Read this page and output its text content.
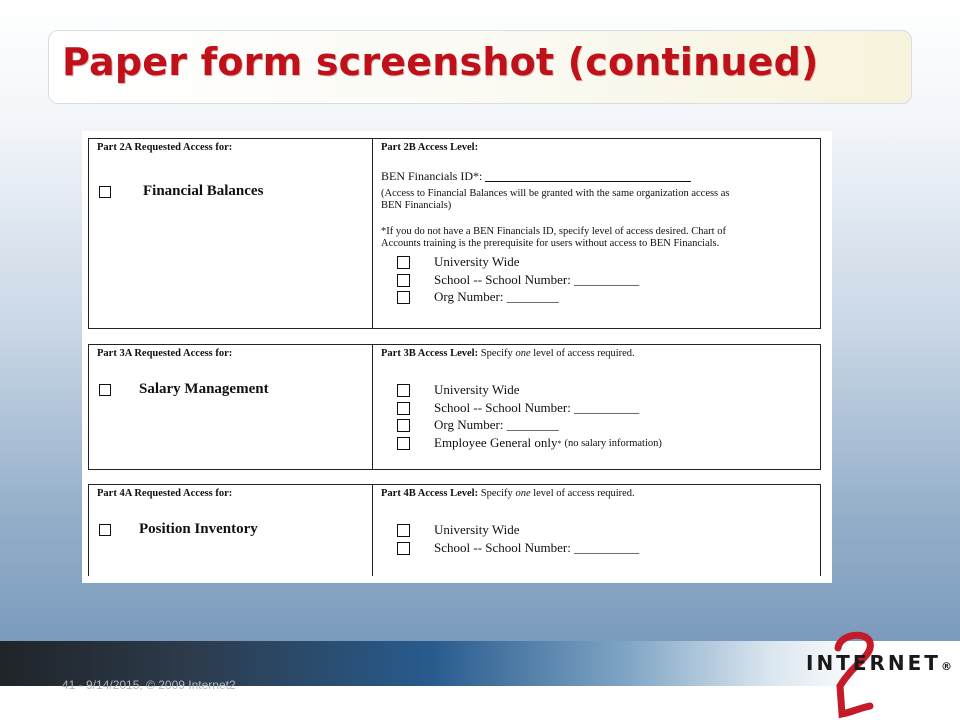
Paper form screenshot (continued)
Part 2A Requested Access for:
Financial Balances
Part 2B Access Level:
BEN Financials ID*:
(Access to Financial Balances will be granted with the same organization access as
BEN Financials)
*If you do not have a BEN Financials ID, specify level of access desired. Chart of
Accounts training is the prerequisite for users without access to BEN Financials.
University Wide
School -- School Number: __________
Org Number: ________
Part 3A Requested Access for:
Salary Management
Part 3B Access Level: Specify one level of access required.
University Wide
School -- School Number: __________
Org Number: ________
Employee General only * (no salary information)
Part 4A Requested Access for:
Position Inventory
Part 4B Access Level: Specify one level of access required.
University Wide
School -- School Number: __________
41 - 9/14/2015, © 2009 Internet2
INTERNET®
